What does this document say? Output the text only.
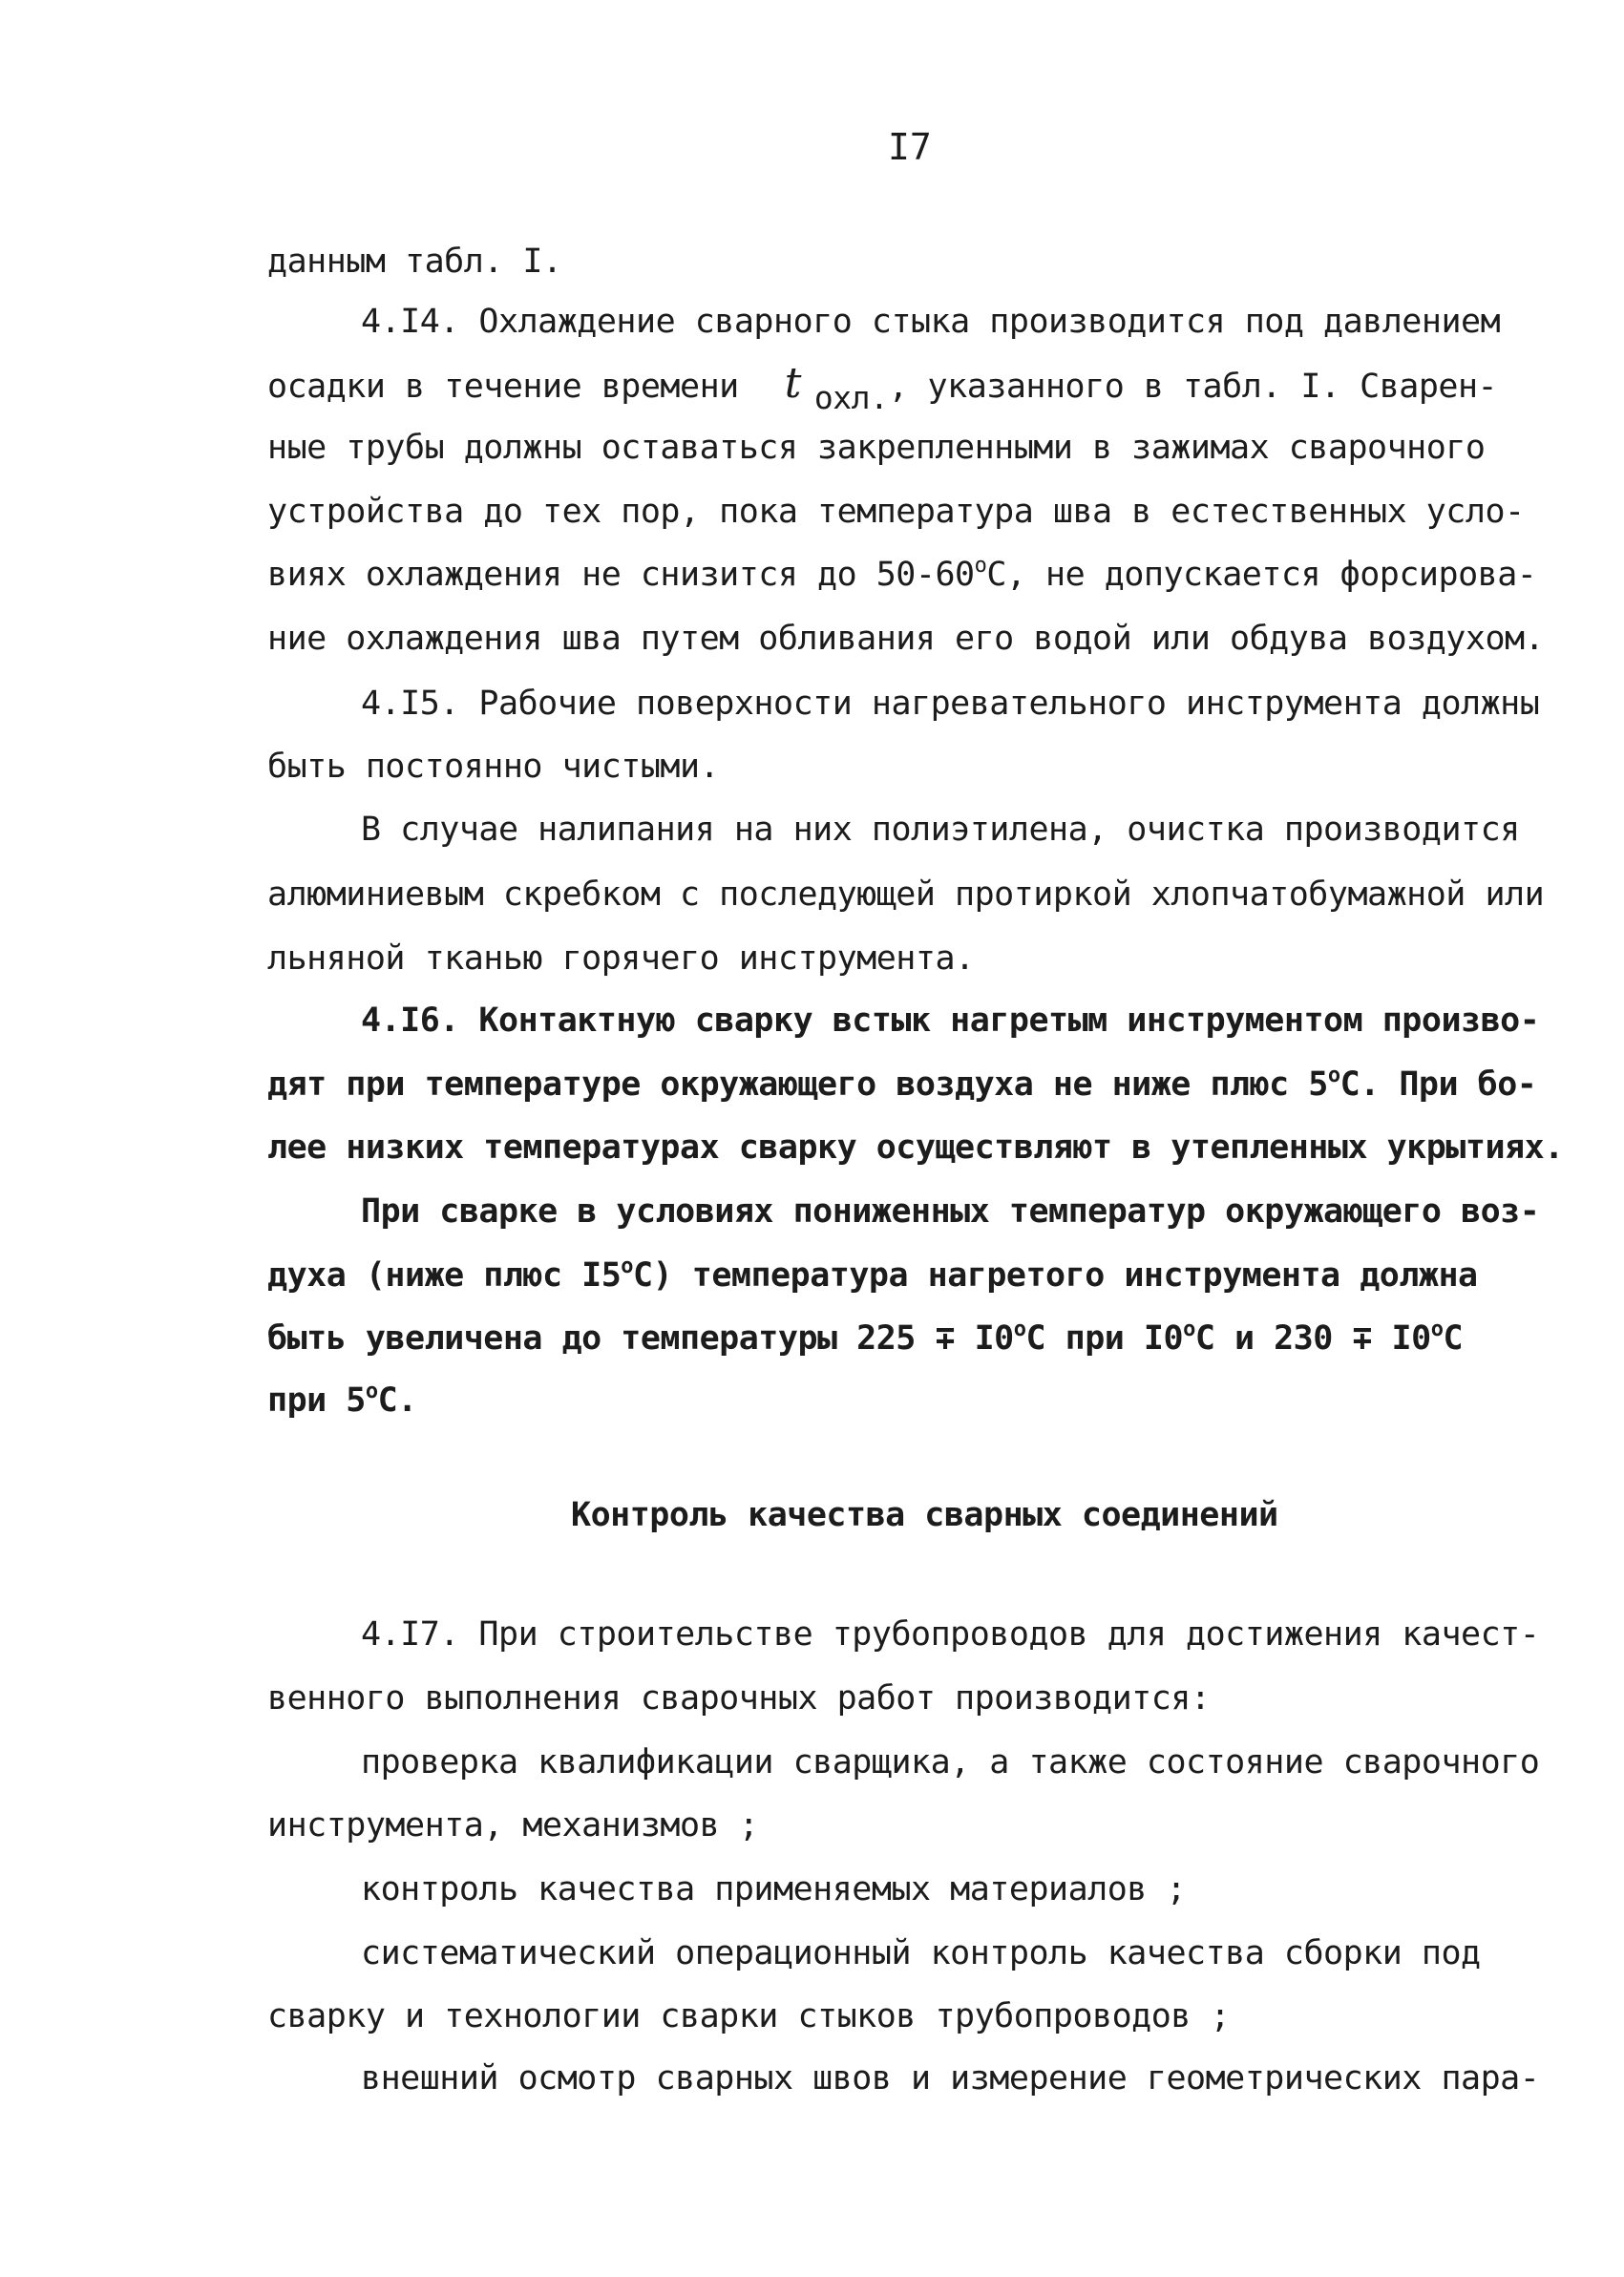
I7
данным табл. I.
4.I4. Охлаждение сварного стыка производится под давлением
осадки в течение времени t охл., указанного в табл. I. Сварен-
ные трубы должны оставаться закрепленными в зажимах сварочного
устройства до тех пор, пока температура шва в естественных усло-
виях охлаждения не снизится до 50-60$^o$C, не допускается форсирова-
ние охлаждения шва путем обливания его водой или обдува воздухом.
4.I5. Рабочие поверхности нагревательного инструмента должны
быть постоянно чистыми.
В случае налипания на них полиэтилена, очистка производится
алюминиевым скребком с последующей протиркой хлопчатобумажной или
льняной тканью горячего инструмента.
4.I6. Контактную сварку встык нагретым инструментом произво-
дят при температуре окружающего воздуха не ниже плюс 5$^o$C. При бо-
лее низких температурах сварку осуществляют в утепленных укрытиях.
При сварке в условиях пониженных температур окружающего воз-
духа (ниже плюс I5$^o$C) температура нагретого инструмента должна
быть увеличена до температуры $225 \mp I0^oC$ при I0$^o$C и $230 \mp I0^oC$
при 5$^o$C.
Контроль качества сварных соединений
4.I7. При строительстве трубопроводов для достижения качест-
венного выполнения сварочных работ производится:
проверка квалификации сварщика, а также состояние сварочного
инструмента, механизмов ;
контроль качества применяемых материалов ;
систематический операционный контроль качества сборки под
сварку и технологии сварки стыков трубопроводов ;
внешний осмотр сварных швов и измерение геометрических пара-
